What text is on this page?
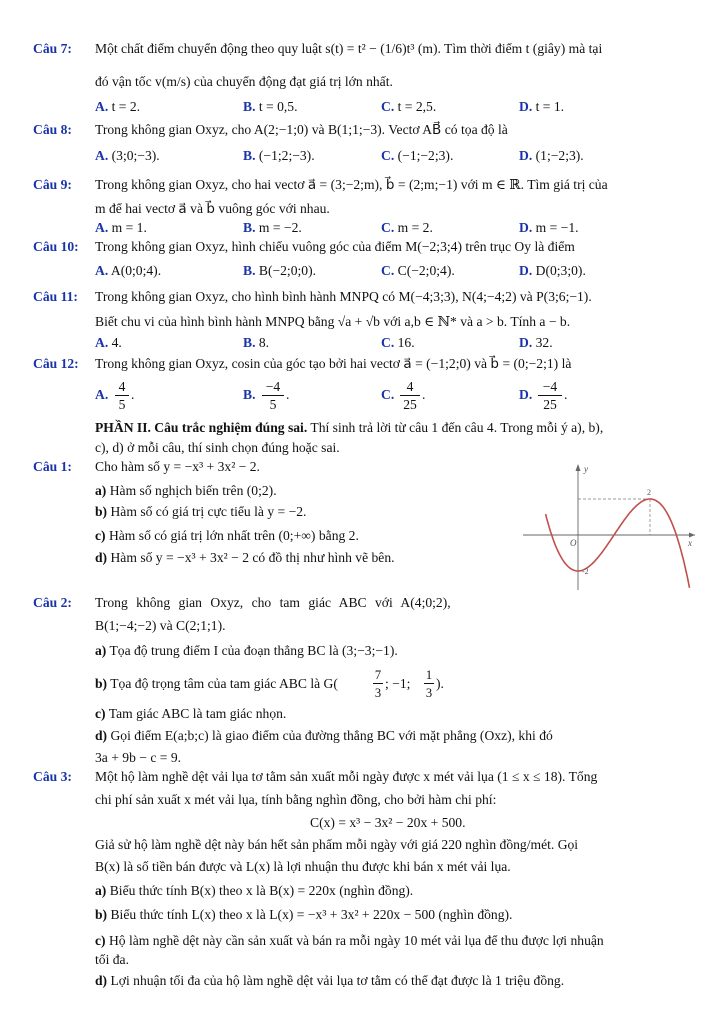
Câu 7: Một chất điểm chuyển động theo quy luật s(t) = t² − (1/6)t³ (m). Tìm thời điểm t (giây) mà tại
đó vận tốc v(m/s) của chuyển động đạt giá trị lớn nhất.
A. t = 2.	B. t = 0,5.	C. t = 2,5.	D. t = 1.
Câu 8: Trong không gian Oxyz, cho A(2;−1;0) và B(1;1;−3). Vectơ AB⃗ có tọa độ là
A. (3;0;−3).	B. (−1;2;−3).	C. (−1;−2;3).	D. (1;−2;3).
Câu 9: Trong không gian Oxyz, cho hai vectơ a⃗ = (3;−2;m), b⃗ = (2;m;−1) với m ∈ ℝ. Tìm giá trị của
m để hai vectơ a⃗ và b⃗ vuông góc với nhau.
A. m = 1.	B. m = −2.	C. m = 2.	D. m = −1.
Câu 10: Trong không gian Oxyz, hình chiếu vuông góc của điểm M(−2;3;4) trên trục Oy là điểm
A. A(0;0;4).	B. B(−2;0;0).	C. C(−2;0;4).	D. D(0;3;0).
Câu 11: Trong không gian Oxyz, cho hình bình hành MNPQ có M(−4;3;3), N(4;−4;2) và P(3;6;−1).
Biết chu vi của hình bình hành MNPQ bằng √a + √b với a,b ∈ ℕ* và a > b. Tính a − b.
A. 4.	B. 8.	C. 16.	D. 32.
Câu 12: Trong không gian Oxyz, cosin của góc tạo bởi hai vectơ a⃗ = (−1;2;0) và b⃗ = (0;−2;1) là
A.
4
5
.	B.
−4
5
.	C.
4
25
.	D.
−4
25
.
PHẦN II. Câu trắc nghiệm đúng sai. Thí sinh trả lời từ câu 1 đến câu 4. Trong mỗi ý a), b),
c), d) ở mỗi câu, thí sinh chọn đúng hoặc sai.
Câu 1: Cho hàm số y = −x³ + 3x² − 2.
a) Hàm số nghịch biến trên (0;2).
b) Hàm số có giá trị cực tiểu là y = −2.
c) Hàm số có giá trị lớn nhất trên (0;+∞) bằng 2.
d) Hàm số y = −x³ + 3x² − 2 có đồ thị như hình vẽ bên.
y
x
O
2
-2
Câu 2: Trong không gian Oxyz, cho tam giác ABC với A(4;0;2),
B(1;−4;−2) và C(2;1;1).
a) Tọa độ trung điểm I của đoạn thẳng BC là (3;−3;−1).
b) Tọa độ trọng tâm của tam giác ABC là G(
7
3
; −1;
1
3
).
c) Tam giác ABC là tam giác nhọn.
d) Gọi điểm E(a;b;c) là giao điểm của đường thẳng BC với mặt phẳng (Oxz), khi đó
3a + 9b − c = 9.
Câu 3: Một hộ làm nghề dệt vải lụa tơ tằm sản xuất mỗi ngày được x mét vải lụa (1 ≤ x ≤ 18). Tổng
chi phí sản xuất x mét vải lụa, tính bằng nghìn đồng, cho bởi hàm chi phí:
C(x) = x³ − 3x² − 20x + 500.
Giả sử hộ làm nghề dệt này bán hết sản phẩm mỗi ngày với giá 220 nghìn đồng/mét. Gọi
B(x) là số tiền bán được và L(x) là lợi nhuận thu được khi bán x mét vải lụa.
a) Biểu thức tính B(x) theo x là B(x) = 220x (nghìn đồng).
b) Biểu thức tính L(x) theo x là L(x) = −x³ + 3x² + 220x − 500 (nghìn đồng).
c) Hộ làm nghề dệt này cần sản xuất và bán ra mỗi ngày 10 mét vải lụa để thu được lợi nhuận
tối đa.
d) Lợi nhuận tối đa của hộ làm nghề dệt vải lụa tơ tằm có thể đạt được là 1 triệu đồng.
